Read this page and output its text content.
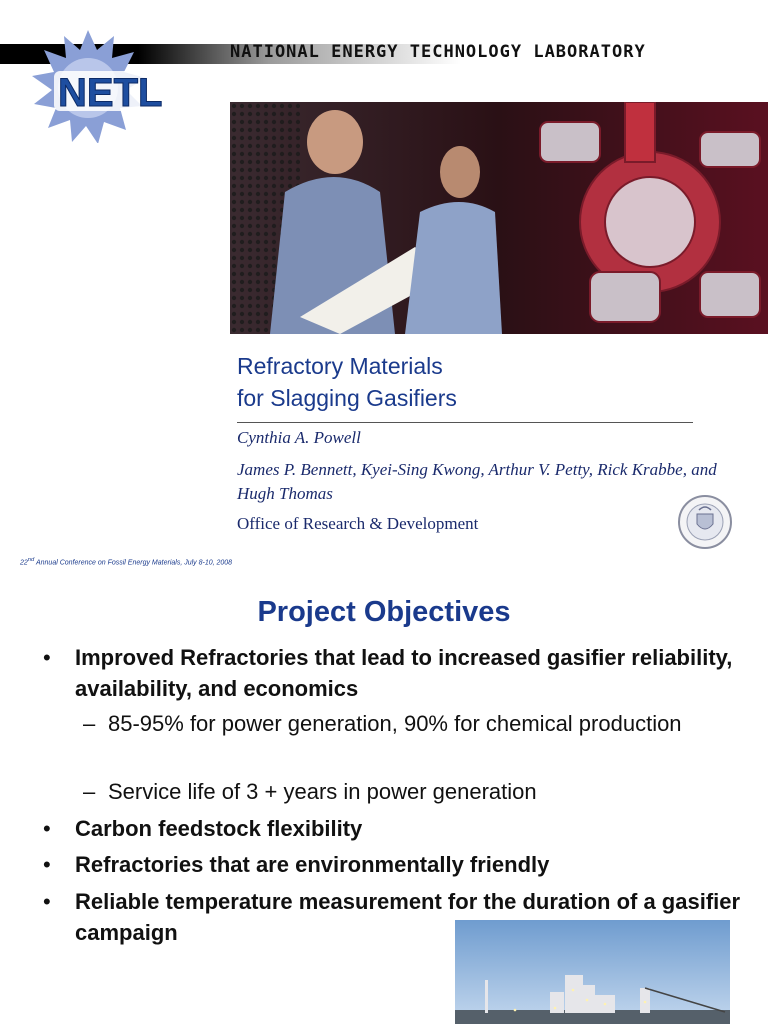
NATIONAL ENERGY TECHNOLOGY LABORATORY
NETL
Refractory Materials
for Slagging Gasifiers
Cynthia A. Powell
James P. Bennett, Kyei-Sing Kwong, Arthur V. Petty, Rick Krabbe, and Hugh Thomas
Office of Research & Development
22nd Annual Conference on Fossil Energy Materials, July 8-10, 2008
Project Objectives
• Improved Refractories that lead to increased gasifier reliability, availability, and economics
– 85-95% for power generation, 90% for chemical production
– Service life of 3 + years in power generation
• Carbon feedstock flexibility
• Refractories that are environmentally friendly
• Reliable temperature measurement for the duration of a gasifier campaign
